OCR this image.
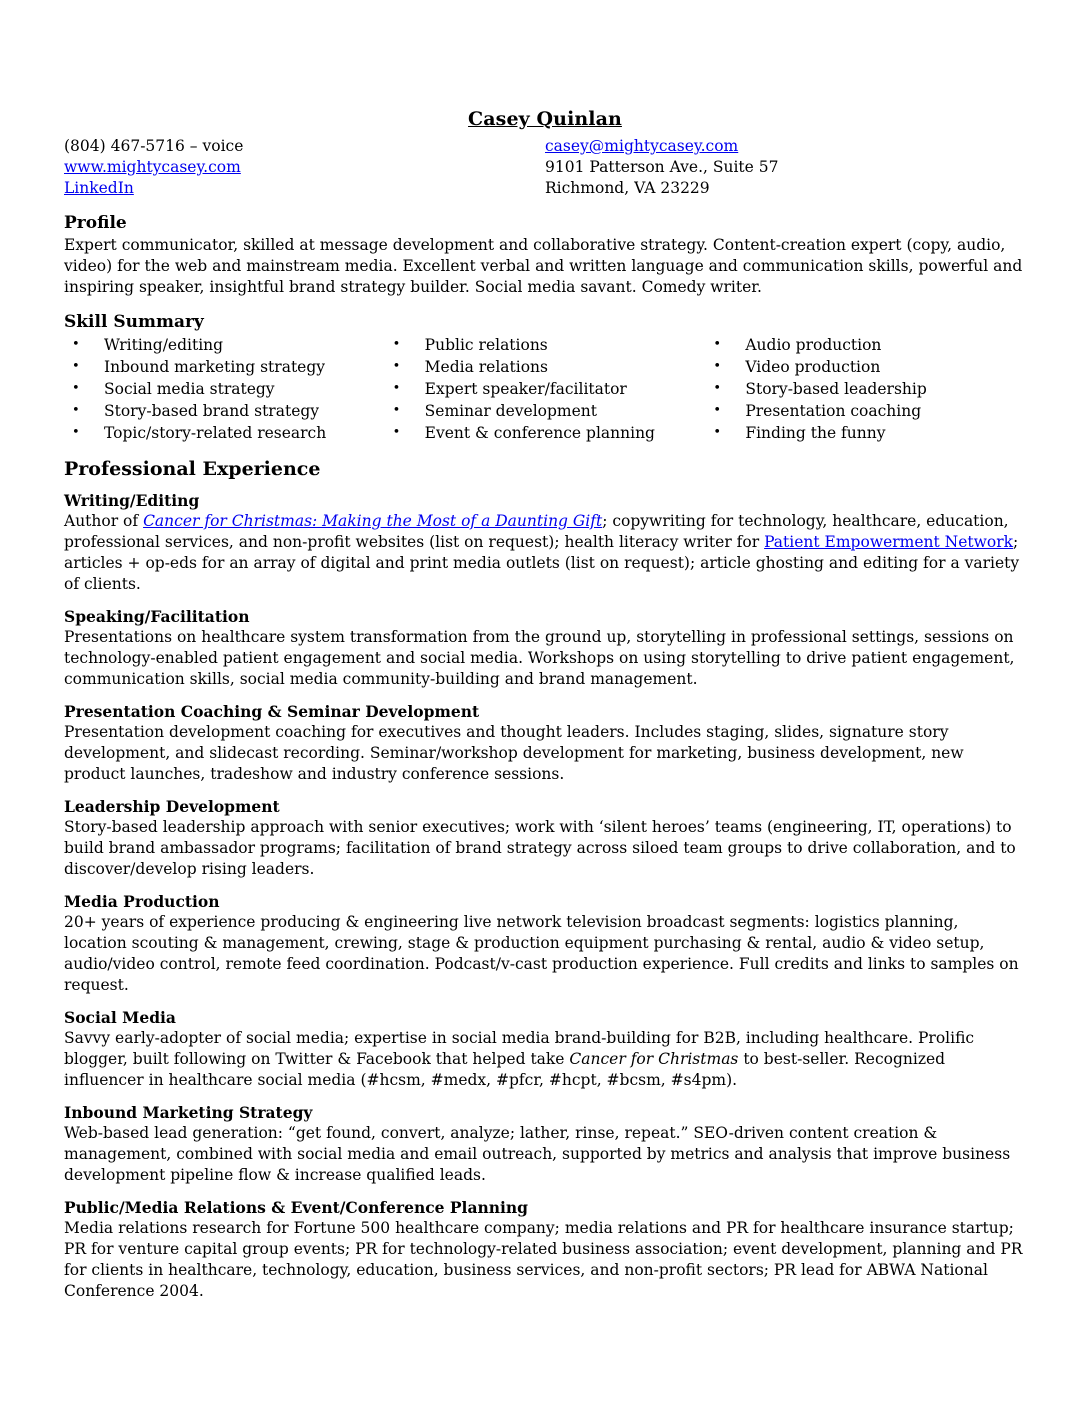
Casey Quinlan
(804) 467-5716 – voice
www.mightycasey.com
LinkedIn
casey@mightycasey.com
9101 Patterson Ave., Suite 57
Richmond, VA 23229
Profile

Expert communicator, skilled at message development and collaborative strategy. Content-creation expert (copy, audio, video) for the web and mainstream media. Excellent verbal and written language and communication skills, powerful and inspiring speaker, insightful brand strategy builder. Social media savant. Comedy writer.

Skill Summary
• Writing/editing
• Inbound marketing strategy
• Social media strategy
• Story-based brand strategy
• Topic/story-related research
• Public relations
• Media relations
• Expert speaker/facilitator
• Seminar development
• Event & conference planning
• Audio production
• Video production
• Story-based leadership
• Presentation coaching
• Finding the funny
Professional Experience
Writing/Editing

Author of Cancer for Christmas: Making the Most of a Daunting Gift; copywriting for technology, healthcare, education, professional services, and non-profit websites (list on request); health literacy writer for Patient Empowerment Network; articles + op-eds for an array of digital and print media outlets (list on request); article ghosting and editing for a variety of clients.

Speaking/Facilitation

Presentations on healthcare system transformation from the ground up, storytelling in professional settings, sessions on technology-enabled patient engagement and social media. Workshops on using storytelling to drive patient engagement, communication skills, social media community-building and brand management.

Presentation Coaching & Seminar Development

Presentation development coaching for executives and thought leaders. Includes staging, slides, signature story development, and slidecast recording. Seminar/workshop development for marketing, business development, new product launches, tradeshow and industry conference sessions.

Leadership Development

Story-based leadership approach with senior executives; work with ‘silent heroes’ teams (engineering, IT, operations) to build brand ambassador programs; facilitation of brand strategy across siloed team groups to drive collaboration, and to discover/develop rising leaders.

Media Production

20+ years of experience producing & engineering live network television broadcast segments: logistics planning, location scouting & management, crewing, stage & production equipment purchasing & rental, audio & video setup, audio/video control, remote feed coordination. Podcast/v-cast production experience. Full credits and links to samples on request.

Social Media

Savvy early-adopter of social media; expertise in social media brand-building for B2B, including healthcare. Prolific blogger, built following on Twitter & Facebook that helped take Cancer for Christmas to best-seller. Recognized influencer in healthcare social media (#hcsm, #medx, #pfcr, #hcpt, #bcsm, #s4pm).

Inbound Marketing Strategy

Web-based lead generation: “get found, convert, analyze; lather, rinse, repeat.” SEO-driven content creation & management, combined with social media and email outreach, supported by metrics and analysis that improve business development pipeline flow & increase qualified leads.

Public/Media Relations & Event/Conference Planning

Media relations research for Fortune 500 healthcare company; media relations and PR for healthcare insurance startup; PR for venture capital group events; PR for technology-related business association; event development, planning and PR for clients in healthcare, technology, education, business services, and non-profit sectors; PR lead for ABWA National Conference 2004.
